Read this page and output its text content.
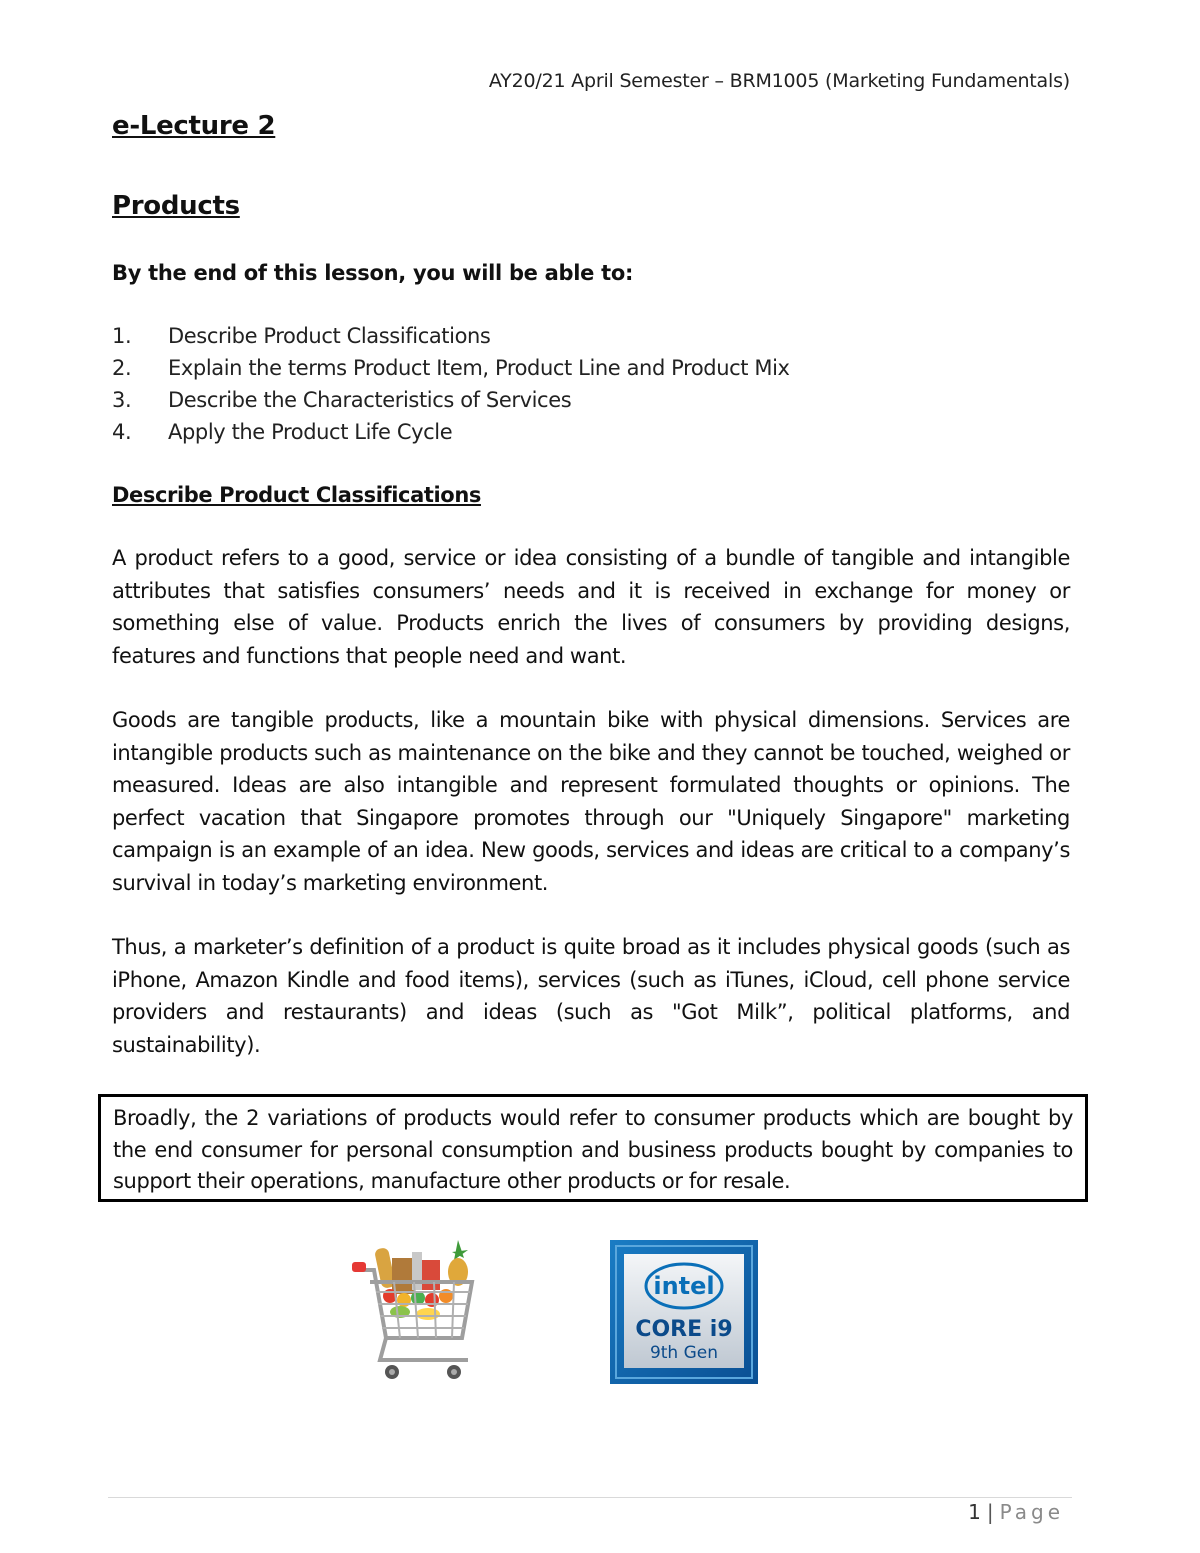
AY20/21 April Semester – BRM1005 (Marketing Fundamentals)
e-Lecture 2
Products

By the end of this lesson, you will be able to:

1.	Describe Product Classifications
2.	Explain the terms Product Item, Product Line and Product Mix
3.	Describe the Characteristics of Services
4.	Apply the Product Life Cycle
Describe Product Classifications

A product refers to a good, service or idea consisting of a bundle of tangible and intangible attributes that satisfies consumers’ needs and it is received in exchange for money or something else of value. Products enrich the lives of consumers by providing designs, features and functions that people need and want.

Goods are tangible products, like a mountain bike with physical dimensions. Services are intangible products such as maintenance on the bike and they cannot be touched, weighed or measured. Ideas are also intangible and represent formulated thoughts or opinions. The perfect vacation that Singapore promotes through our "Uniquely Singapore" marketing campaign is an example of an idea. New goods, services and ideas are critical to a company’s survival in today’s marketing environment.

Thus, a marketer’s definition of a product is quite broad as it includes physical goods (such as iPhone, Amazon Kindle and food items), services (such as iTunes, iCloud, cell phone service providers and restaurants) and ideas (such as "Got Milk”, political platforms, and sustainability).

Broadly, the 2 variations of products would refer to consumer products which are bought by the end consumer for personal consumption and business products bought by companies to support their operations, manufacture other products or for resale.

intel
CORE i9
9th Gen
1 | Page
